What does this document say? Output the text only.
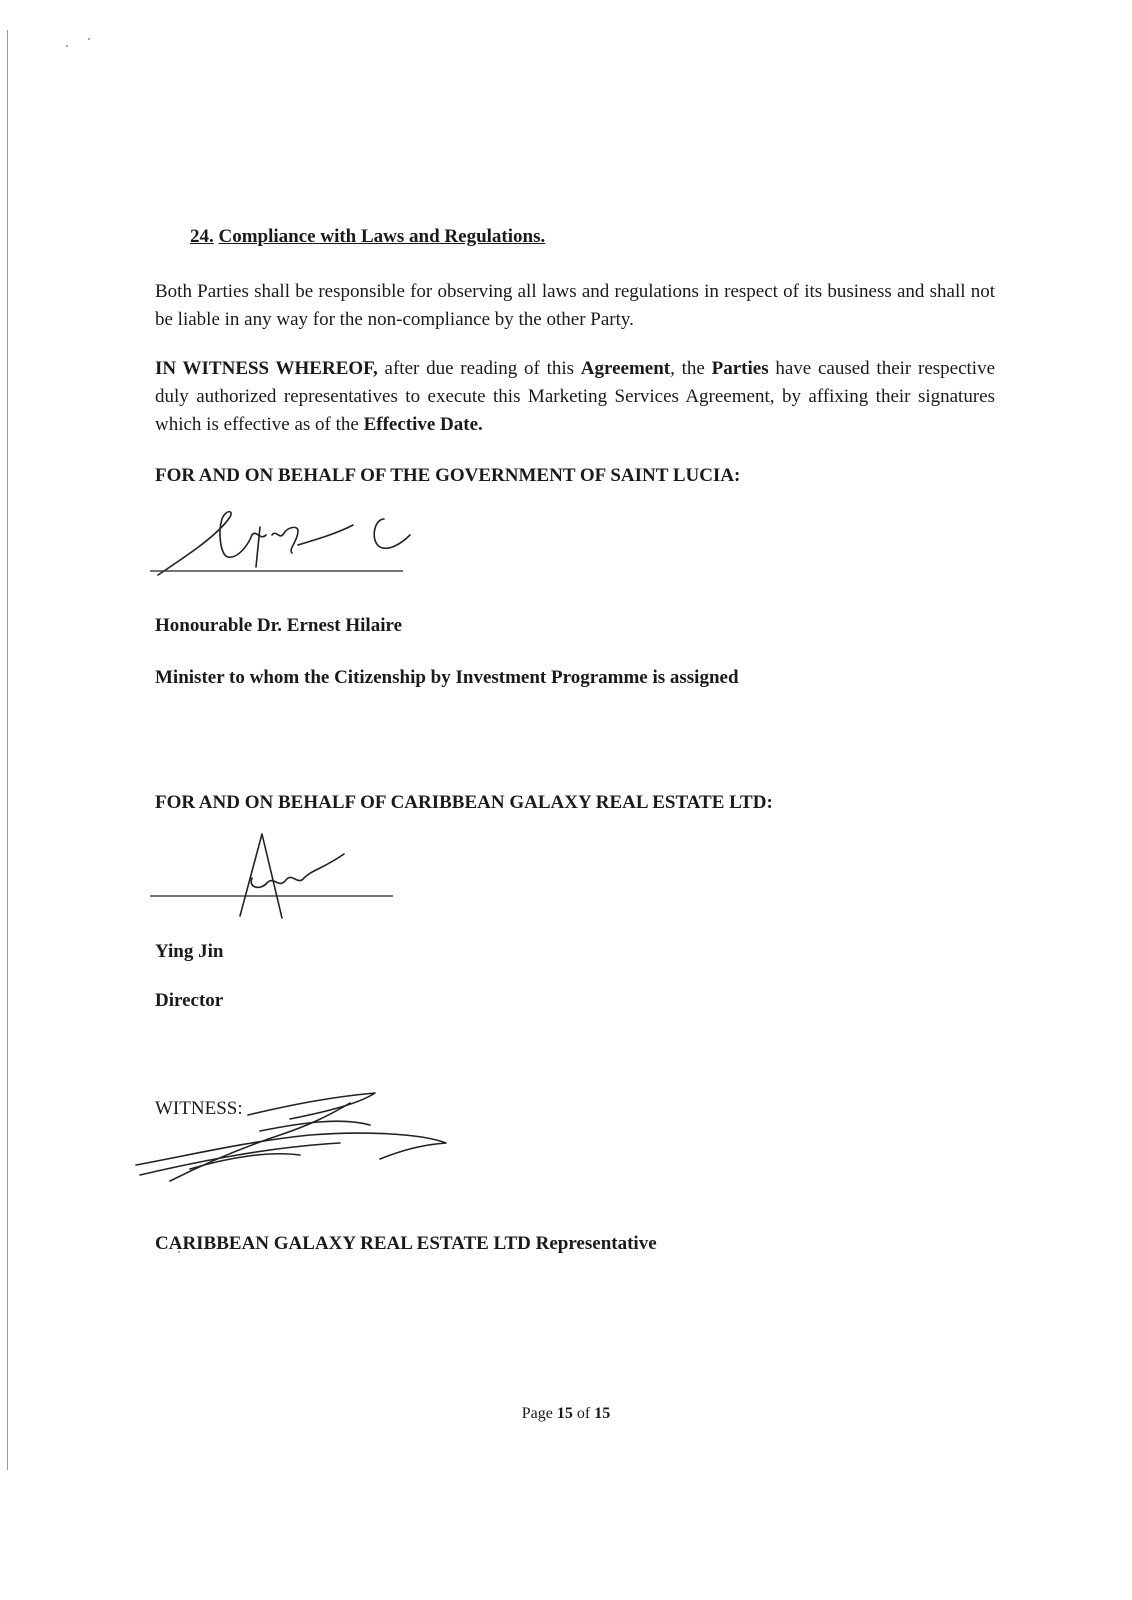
24. Compliance with Laws and Regulations.

Both Parties shall be responsible for observing all laws and regulations in respect of its business and shall not be liable in any way for the non-compliance by the other Party.

IN WITNESS WHEREOF, after due reading of this Agreement, the Parties have caused their respective duly authorized representatives to execute this Marketing Services Agreement, by affixing their signatures which is effective as of the Effective Date.

FOR AND ON BEHALF OF THE GOVERNMENT OF SAINT LUCIA:

Honourable Dr. Ernest Hilaire

Minister to whom the Citizenship by Investment Programme is assigned

FOR AND ON BEHALF OF CARIBBEAN GALAXY REAL ESTATE LTD:

Ying Jin

Director

WITNESS:

CARIBBEAN GALAXY REAL ESTATE LTD Representative

Page 15 of 15
